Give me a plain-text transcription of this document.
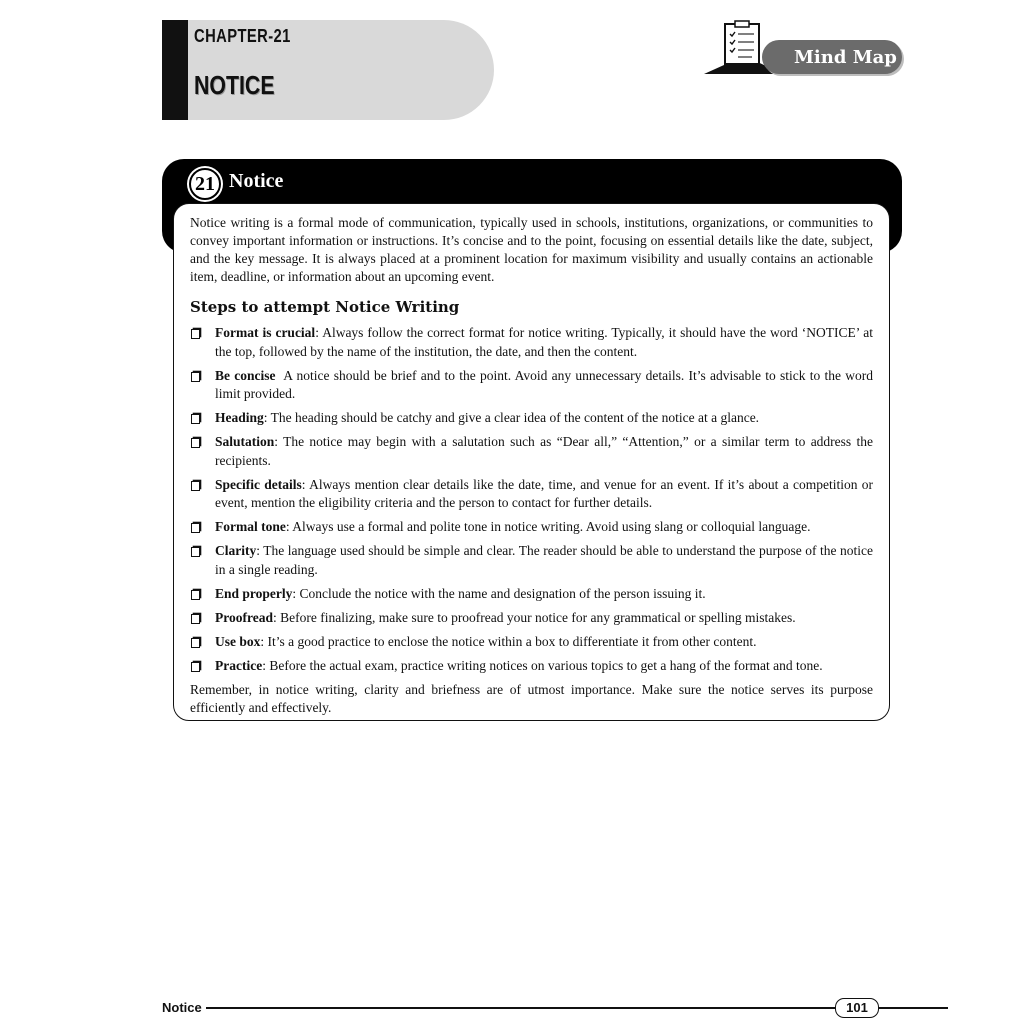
CHAPTER-21
NOTICE
Mind Map
21 Notice

Notice writing is a formal mode of communication, typically used in schools, institutions, organizations, or communities to convey important information or instructions. It’s concise and to the point, focusing on essential details like the date, subject, and the key message. It is always placed at a prominent location for maximum visibility and usually contains an actionable item, deadline, or information about an upcoming event.

Steps to attempt Notice Writing
Format is crucial: Always follow the correct format for notice writing. Typically, it should have the word ‘NOTICE’ at the top, followed by the name of the institution, the date, and then the content.
Be concise  A notice should be brief and to the point. Avoid any unnecessary details. It’s advisable to stick to the word limit provided.
Heading: The heading should be catchy and give a clear idea of the content of the notice at a glance.
Salutation: The notice may begin with a salutation such as “Dear all,” “Attention,” or a similar term to address the recipients.
Specific details: Always mention clear details like the date, time, and venue for an event. If it’s about a competition or event, mention the eligibility criteria and the person to contact for further details.
Formal tone: Always use a formal and polite tone in notice writing. Avoid using slang or colloquial language.
Clarity: The language used should be simple and clear. The reader should be able to understand the purpose of the notice in a single reading.
End properly: Conclude the notice with the name and designation of the person issuing it.
Proofread: Before finalizing, make sure to proofread your notice for any grammatical or spelling mistakes.
Use box: It’s a good practice to enclose the notice within a box to differentiate it from other content.
Practice: Before the actual exam, practice writing notices on various topics to get a hang of the format and tone.

Remember, in notice writing, clarity and briefness are of utmost importance. Make sure the notice serves its purpose efficiently and effectively.

Notice	101
